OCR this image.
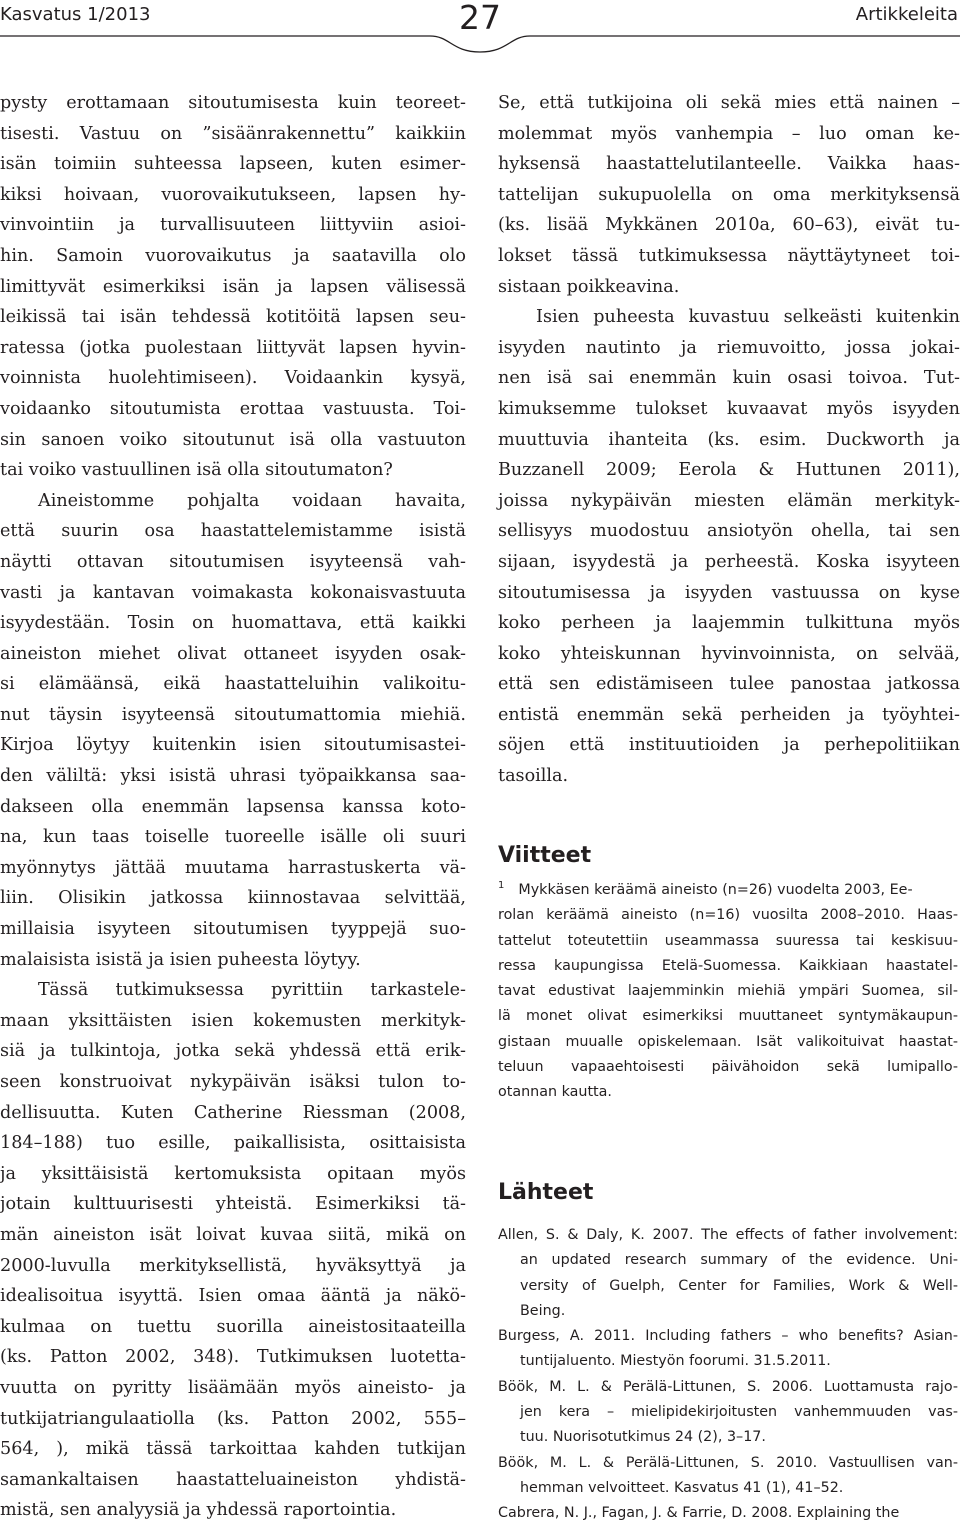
Kasvatus 1/2013	27	Artikkeleita
pysty erottamaan sitoutumisesta kuin teoreet-
tisesti. Vastuu on ”sisäänrakennettu” kaikkiin
isän toimiin suhteessa lapseen, kuten esimer-
kiksi hoivaan, vuorovaikutukseen, lapsen hy-
vinvointiin ja turvallisuuteen liittyviin asioi-
hin. Samoin vuorovaikutus ja saatavilla olo
limittyvät esimerkiksi isän ja lapsen välisessä
leikissä tai isän tehdessä kotitöitä lapsen seu-
ratessa (jotka puolestaan liittyvät lapsen hyvin-
voinnista huolehtimiseen). Voidaankin kysyä,
voidaanko sitoutumista erottaa vastuusta. Toi-
sin sanoen voiko sitoutunut isä olla vastuuton
tai voiko vastuullinen isä olla sitoutumaton?
Aineistomme pohjalta voidaan havaita,
että suurin osa haastattelemistamme isistä
näytti ottavan sitoutumisen isyyteensä vah-
vasti ja kantavan voimakasta kokonaisvastuuta
isyydestään. Tosin on huomattava, että kaikki
aineiston miehet olivat ottaneet isyyden osak-
si elämäänsä, eikä haastatteluihin valikoitu-
nut täysin isyyteensä sitoutumattomia miehiä.
Kirjoa löytyy kuitenkin isien sitoutumisastei-
den väliltä: yksi isistä uhrasi työpaikkansa saa-
dakseen olla enemmän lapsensa kanssa koto-
na, kun taas toiselle tuoreelle isälle oli suuri
myönnytys jättää muutama harrastuskerta vä-
liin. Olisikin jatkossa kiinnostavaa selvittää,
millaisia isyyteen sitoutumisen tyyppejä suo-
malaisista isistä ja isien puheesta löytyy.
Tässä tutkimuksessa pyrittiin tarkastele-
maan yksittäisten isien kokemusten merkityk-
siä ja tulkintoja, jotka sekä yhdessä että erik-
seen konstruoivat nykypäivän isäksi tulon to-
dellisuutta. Kuten Catherine Riessman (2008,
184–188) tuo esille, paikallisista, osittaisista
ja yksittäisistä kertomuksista opitaan myös
jotain kulttuurisesti yhteistä. Esimerkiksi tä-
män aineiston isät loivat kuvaa siitä, mikä on
2000-luvulla merkityksellistä, hyväksyttyä ja
idealisoitua isyyttä. Isien omaa ääntä ja näkö-
kulmaa on tuettu suorilla aineistositaateilla
(ks. Patton 2002, 348). Tutkimuksen luotetta-
vuutta on pyritty lisäämään myös aineisto- ja
tutkijatriangulaatiolla (ks. Patton 2002, 555–
564, ), mikä tässä tarkoittaa kahden tutkijan
samankaltaisen haastatteluaineiston yhdistä-
mistä, sen analyysiä ja yhdessä raportointia.
Se, että tutkijoina oli sekä mies että nainen –
molemmat myös vanhempia – luo oman ke-
hyksensä haastattelutilanteelle. Vaikka haas-
tattelijan sukupuolella on oma merkityksensä
(ks. lisää Mykkänen 2010a, 60–63), eivät tu-
lokset tässä tutkimuksessa näyttäytyneet toi-
sistaan poikkeavina.
Isien puheesta kuvastuu selkeästi kuitenkin
isyyden nautinto ja riemuvoitto, jossa jokai-
nen isä sai enemmän kuin osasi toivoa. Tut-
kimuksemme tulokset kuvaavat myös isyyden
muuttuvia ihanteita (ks. esim. Duckworth ja
Buzzanell 2009; Eerola & Huttunen 2011),
joissa nykypäivän miesten elämän merkityk-
sellisyys muodostuu ansiotyön ohella, tai sen
sijaan, isyydestä ja perheestä. Koska isyyteen
sitoutumisessa ja isyyden vastuussa on kyse
koko perheen ja laajemmin tulkittuna myös
koko yhteiskunnan hyvinvoinnista, on selvää,
että sen edistämiseen tulee panostaa jatkossa
entistä enemmän sekä perheiden ja työyhtei-
söjen että instituutioiden ja perhepolitiikan
tasoilla.
Viitteet
$^1$ Mykkäsen keräämä aineisto (n=26) vuodelta 2003, Ee-
rolan keräämä aineisto (n=16) vuosilta 2008–2010. Haas-
tattelut toteutettiin useammassa suuressa tai keskisuu-
ressa kaupungissa Etelä-Suomessa. Kaikkiaan haastatel-
tavat edustivat laajemminkin miehiä ympäri Suomea, sil-
lä monet olivat esimerkiksi muuttaneet syntymäkaupun-
gistaan muualle opiskelemaan. Isät valikoituivat haastat-
teluun vapaaehtoisesti päivähoidon sekä lumipallo-
otannan kautta.
Lähteet
Allen, S. & Daly, K. 2007. The effects of father involvement:
an updated research summary of the evidence. Uni-
versity of Guelph, Center for Families, Work & Well-
Being.
Burgess, A. 2011. Including fathers – who benefits? Asian-
tuntijaluento. Miestyön foorumi. 31.5.2011.
Böök, M. L. & Perälä-Littunen, S. 2006. Luottamusta rajo-
jen kera – mielipidekirjoitusten vanhemmuuden vas-
tuu. Nuorisotutkimus 24 (2), 3–17.
Böök, M. L. & Perälä-Littunen, S. 2010. Vastuullisen van-
hemman velvoitteet. Kasvatus 41 (1), 41–52.
Cabrera, N. J., Fagan, J. & Farrie, D. 2008. Explaining the
